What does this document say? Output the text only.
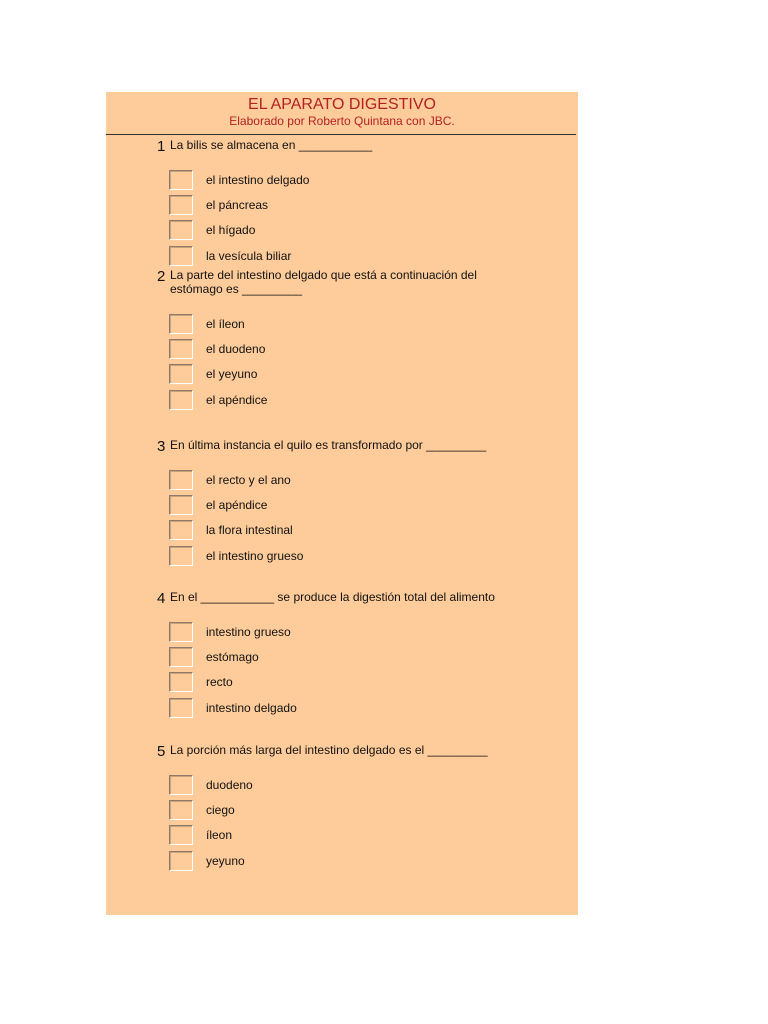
EL APARATO DIGESTIVO
Elaborado por Roberto Quintana con JBC.
1 La bilis se almacena en ___________
el intestino delgado
el páncreas
el hígado
la vesícula biliar
2 La parte del intestino delgado que está a continuación del estómago es _________
el íleon
el duodeno
el yeyuno
el apéndice
3 En última instancia el quilo es transformado por _________
el recto y el ano
el apéndice
la flora intestinal
el intestino grueso
4 En el ___________ se produce la digestión total del alimento
intestino grueso
estómago
recto
intestino delgado
5 La porción más larga del intestino delgado es el _________
duodeno
ciego
íleon
yeyuno
